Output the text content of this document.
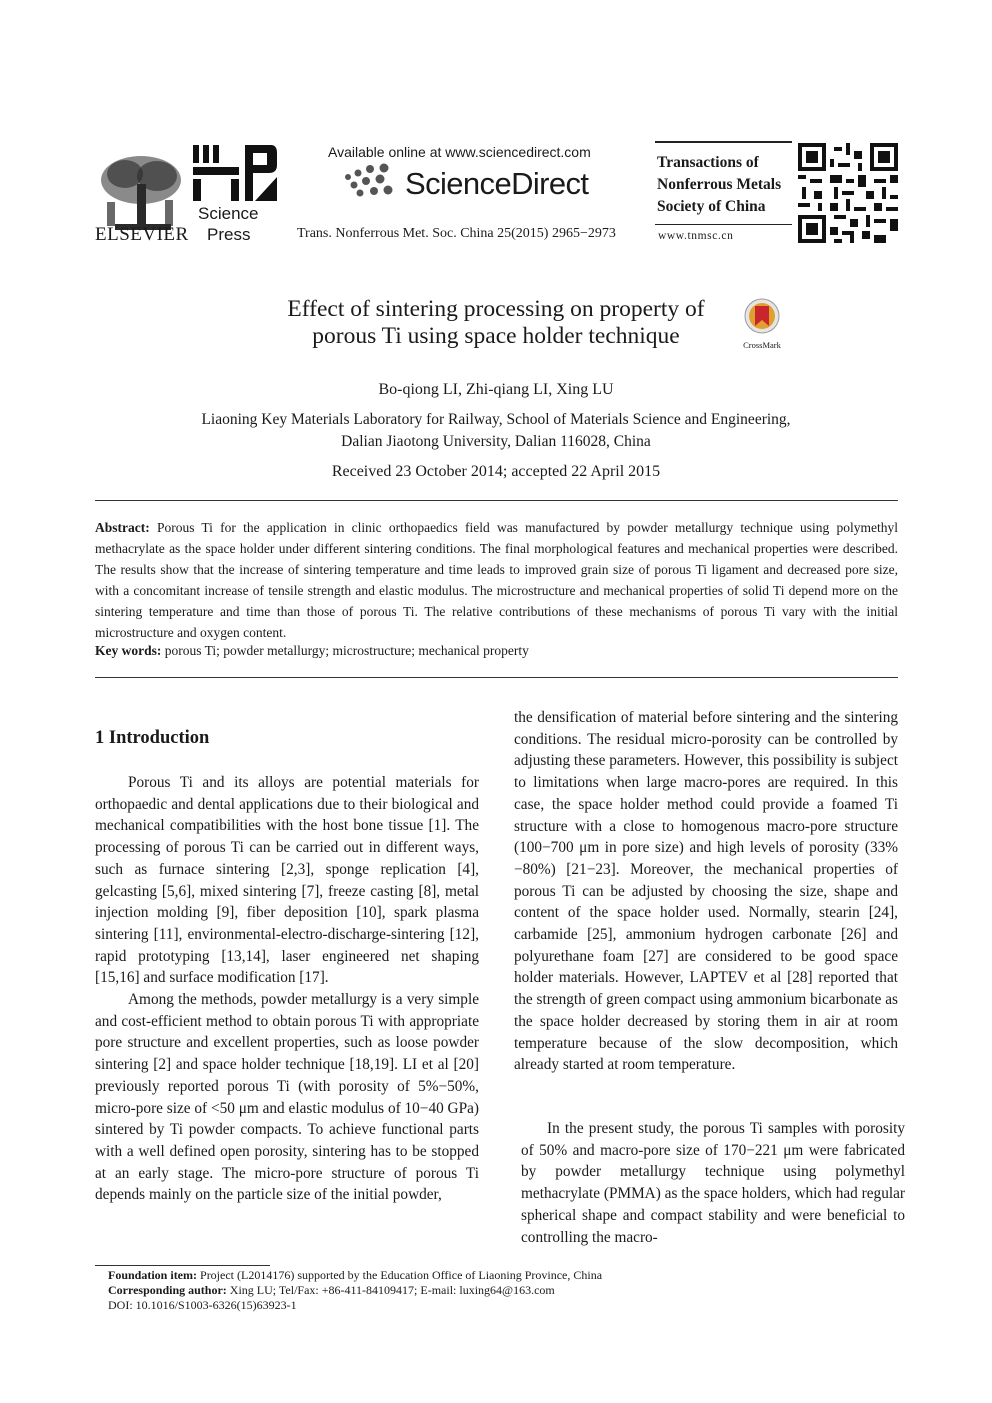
ELSEVIER
Science
Press
Available online at www.sciencedirect.com
ScienceDirect
Trans. Nonferrous Met. Soc. China 25(2015) 2965−2973
Transactions of
Nonferrous Metals
Society of China
www.tnmsc.cn
Effect of sintering processing on property of
porous Ti using space holder technique	CrossMark
Bo-qiong LI, Zhi-qiang LI, Xing LU
Liaoning Key Materials Laboratory for Railway, School of Materials Science and Engineering,
Dalian Jiaotong University, Dalian 116028, China
Received 23 October 2014; accepted 22 April 2015
Abstract: Porous Ti for the application in clinic orthopaedics field was manufactured by powder metallurgy technique using polymethyl methacrylate as the space holder under different sintering conditions. The final morphological features and mechanical properties were described. The results show that the increase of sintering temperature and time leads to improved grain size of porous Ti ligament and decreased pore size, with a concomitant increase of tensile strength and elastic modulus. The microstructure and mechanical properties of solid Ti depend more on the sintering temperature and time than those of porous Ti. The relative contributions of these mechanisms of porous Ti vary with the initial microstructure and oxygen content.
Key words: porous Ti; powder metallurgy; microstructure; mechanical property
1 Introduction

Porous Ti and its alloys are potential materials for orthopaedic and dental applications due to their biological and mechanical compatibilities with the host bone tissue [1]. The processing of porous Ti can be carried out in different ways, such as furnace sintering [2,3], sponge replication [4], gelcasting [5,6], mixed sintering [7], freeze casting [8], metal injection molding [9], fiber deposition [10], spark plasma sintering [11], environmental-electro-discharge-sintering [12], rapid prototyping [13,14], laser engineered net shaping [15,16] and surface modification [17].

Among the methods, powder metallurgy is a very simple and cost-efficient method to obtain porous Ti with appropriate pore structure and excellent properties, such as loose powder sintering [2] and space holder technique [18,19]. LI et al [20] previously reported porous Ti (with porosity of 5%−50%, micro-pore size of <50 μm and elastic modulus of 10−40 GPa) sintered by Ti powder compacts. To achieve functional parts with a well defined open porosity, sintering has to be stopped at an early stage. The micro-pore structure of porous Ti depends mainly on the particle size of the initial powder,

the densification of material before sintering and the sintering conditions. The residual micro-porosity can be controlled by adjusting these parameters. However, this possibility is subject to limitations when large macro-pores are required. In this case, the space holder method could provide a foamed Ti structure with a close to homogenous macro-pore structure (100−700 μm in pore size) and high levels of porosity (33%−80%) [21−23]. Moreover, the mechanical properties of porous Ti can be adjusted by choosing the size, shape and content of the space holder used. Normally, stearin [24], carbamide [25], ammonium hydrogen carbonate [26] and polyurethane foam [27] are considered to be good space holder materials. However, LAPTEV et al [28] reported that the strength of green compact using ammonium bicarbonate as the space holder decreased by storing them in air at room temperature because of the slow decomposition, which already started at room temperature.

In the present study, the porous Ti samples with porosity of 50% and macro-pore size of 170−221 μm were fabricated by powder metallurgy technique using polymethyl methacrylate (PMMA) as the space holders, which had regular spherical shape and compact stability and were beneficial to controlling the macro-

Foundation item: Project (L2014176) supported by the Education Office of Liaoning Province, China
Corresponding author: Xing LU; Tel/Fax: +86-411-84109417; E-mail: luxing64@163.com
DOI: 10.1016/S1003-6326(15)63923-1
